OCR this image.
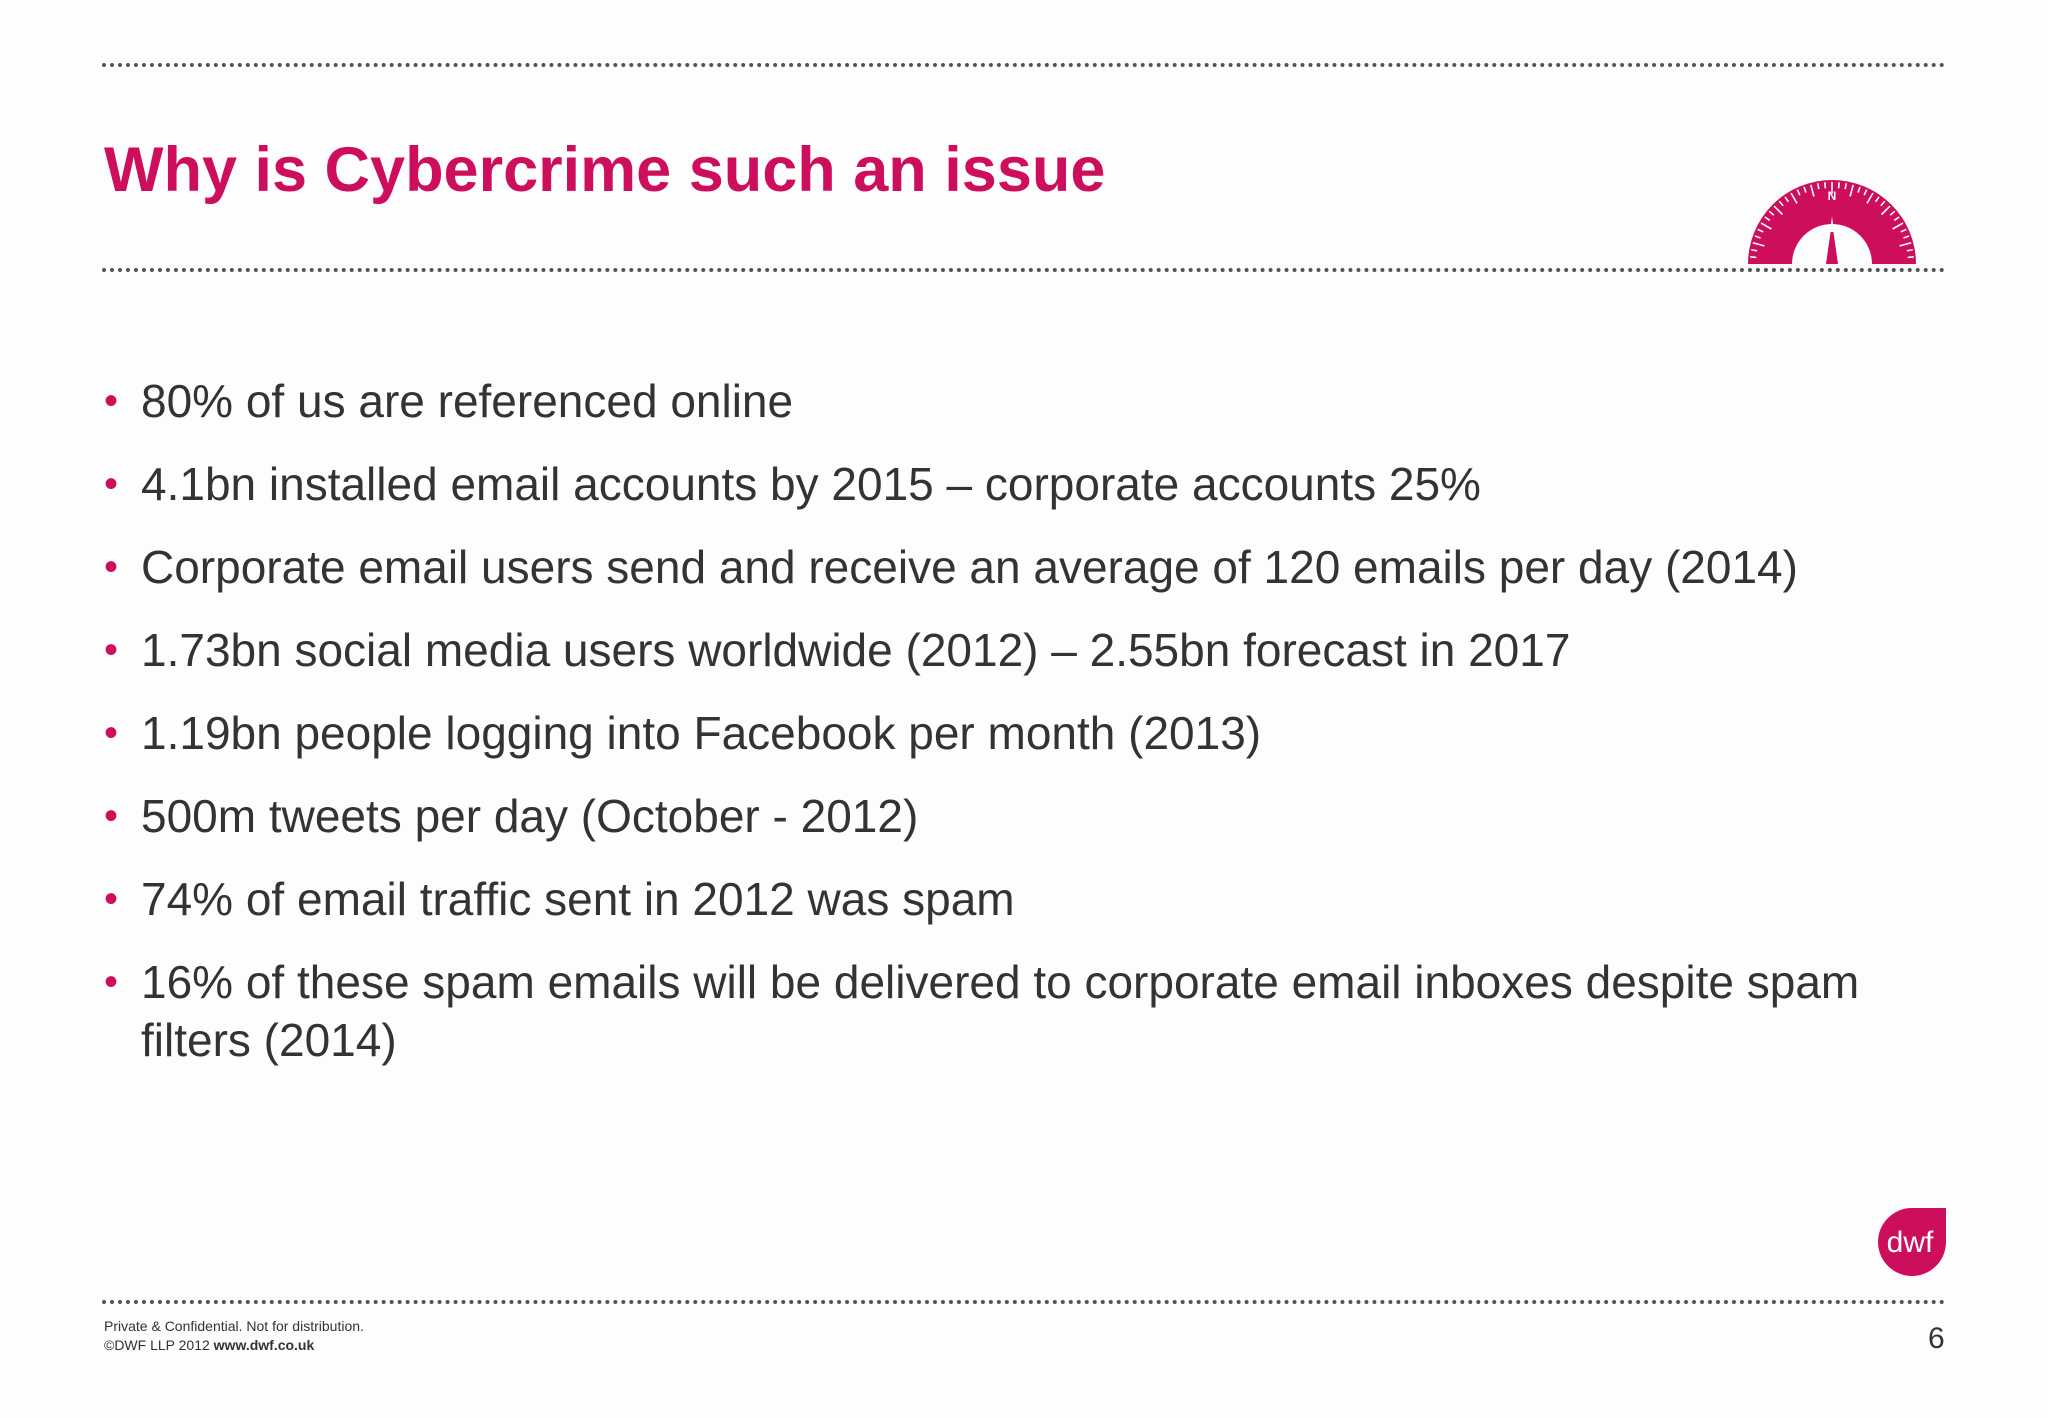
Why is Cybercrime such an issue	N
• 80% of us are referenced online
• 4.1bn installed email accounts by 2015 – corporate accounts 25%
• Corporate email users send and receive an average of 120 emails per day (2014)
• 1.73bn social media users worldwide (2012) – 2.55bn forecast in 2017
• 1.19bn people logging into Facebook per month (2013)
• 500m tweets per day (October - 2012)
• 74% of email traffic sent in 2012 was spam
• 16% of these spam emails will be delivered to corporate email inboxes despite spam filters (2014)
dwf
Private & Confidential. Not for distribution.
©DWF LLP 2012 www.dwf.co.uk	6
